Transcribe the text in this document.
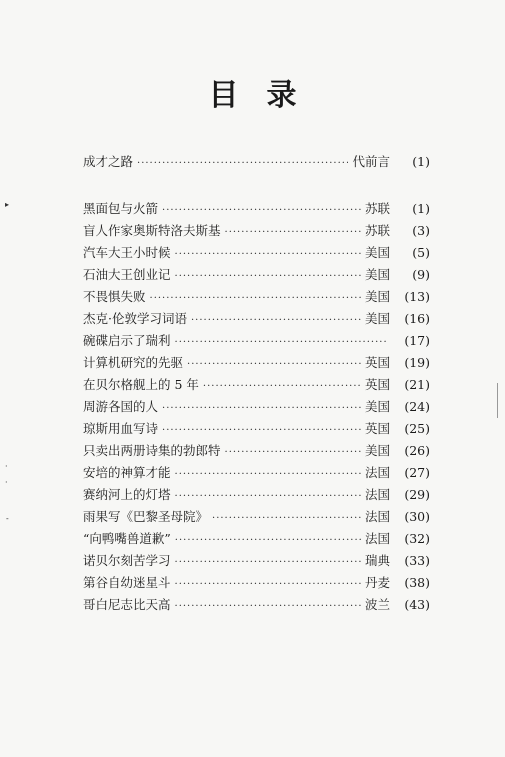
目 录
成才之路 ·····	代前言	(1)
黑面包与火箭 ·····	苏联	(1)
盲人作家奥斯特洛夫斯基 ·····	苏联	(3)
汽车大王小时候 ·····	美国	(5)
石油大王创业记 ·····	美国	(9)
不畏惧失败 ·····	美国	(13)
杰克·伦敦学习词语 ·····	美国	(16)
碗碟启示了瑞利 ·····	(17)
计算机研究的先驱 ·····	英国	(19)
在贝尔格舰上的 5 年 ·····	英国	(21)
周游各国的人 ·····	美国	(24)
琼斯用血写诗 ·····	英国	(25)
只卖出两册诗集的勃郎特 ·····	美国	(26)
安培的神算才能 ·····	法国	(27)
赛纳河上的灯塔 ·····	法国	(29)
雨果写《巴黎圣母院》 ·····	法国	(30)
“向鸭嘴兽道歉” ·····	法国	(32)
诺贝尔刻苦学习 ·····	瑞典	(33)
第谷自幼迷星斗 ·····	丹麦	(38)
哥白尼志比天高 ·····	波兰	(43)
▸
·
·
-
